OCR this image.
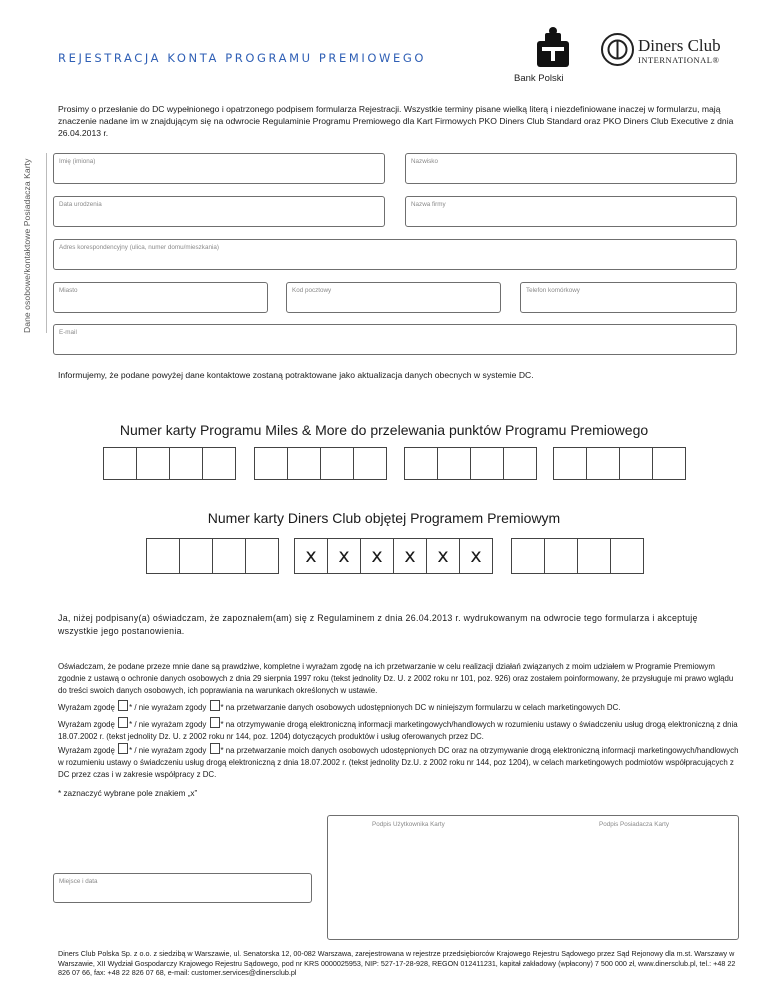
REJESTRACJA KONTA PROGRAMU PREMIOWEGO
Bank Polski
Diners Club
INTERNATIONAL®
Prosimy o przesłanie do DC wypełnionego i opatrzonego podpisem formularza Rejestracji. Wszystkie terminy pisane wielką literą i niezdefiniowane inaczej w formularzu, mają znaczenie nadane im w znajdującym się na odwrocie Regulaminie Programu Premiowego dla Kart Firmowych PKO Diners Club Standard oraz PKO Diners Club Executive z dnia 26.04.2013 r.
Dane osobowe/kontaktowe Posiadacza Karty	Imię (imiona)	Nazwisko
Data urodzenia	Nazwa firmy
Adres korespondencyjny (ulica, numer domu/mieszkania)
Miasto	Kod pocztowy	Telefon komórkowy
E-mail
Informujemy, że podane powyżej dane kontaktowe zostaną potraktowane jako aktualizacja danych obecnych w systemie DC.
Numer karty Programu Miles & More do przelewania punktów Programu Premiowego
Numer karty Diners Club objętej Programem Premiowym
x	x	x	x	x	x
Ja, niżej podpisany(a) oświadczam, że zapoznałem(am) się z Regulaminem z dnia 26.04.2013 r. wydrukowanym na odwrocie tego formularza i akceptuję wszystkie jego postanowienia.
Oświadczam, że podane przeze mnie dane są prawdziwe, kompletne i wyrażam zgodę na ich przetwarzanie w celu realizacji działań związanych z moim udziałem w Programie Premiowym zgodnie z ustawą o ochronie danych osobowych z dnia 29 sierpnia 1997 roku (tekst jednolity Dz. U. z 2002 roku nr 101, poz. 926) oraz zostałem poinformowany, że przysługuje mi prawo wglądu do treści swoich danych osobowych, ich poprawiania na warunkach określonych w ustawie.
Wyrażam zgodę * / nie wyrażam zgody * na przetwarzanie danych osobowych udostępnionych DC w niniejszym formularzu w celach marketingowych DC.
Wyrażam zgodę * / nie wyrażam zgody * na otrzymywanie drogą elektroniczną informacji marketingowych/handlowych w rozumieniu ustawy o świadczeniu usług drogą elektroniczną z dnia 18.07.2002 r. (tekst jednolity Dz. U. z 2002 roku nr 144, poz. 1204) dotyczących produktów i usług oferowanych przez DC.
Wyrażam zgodę * / nie wyrażam zgody * na przetwarzanie moich danych osobowych udostępnionych DC oraz na otrzymywanie drogą elektroniczną informacji marketingowych/handlowych w rozumieniu ustawy o świadczeniu usług drogą elektroniczną z dnia 18.07.2002 r. (tekst jednolity Dz.U. z 2002 roku nr 144, poz 1204), w celach marketingowych podmiotów współpracujących z DC przez czas i w zakresie współpracy z DC.
* zaznaczyć wybrane pole znakiem „x”
Podpis Użytkownika Karty	Podpis Posiadacza Karty
Miejsce i data
Diners Club Polska Sp. z o.o. z siedzibą w Warszawie, ul. Senatorska 12, 00-082 Warszawa, zarejestrowana w rejestrze przedsiębiorców Krajowego Rejestru Sądowego przez Sąd Rejonowy dla m.st. Warszawy w Warszawie, XII Wydział Gospodarczy Krajowego Rejestru Sądowego, pod nr KRS 0000025953, NIP: 527-17-28-928, REGON 012411231, kapitał zakładowy (wpłacony) 7 500 000 zł, www.dinersclub.pl, tel.: +48 22 826 07 66, fax: +48 22 826 07 68, e-mail: customer.services@dinersclub.pl
